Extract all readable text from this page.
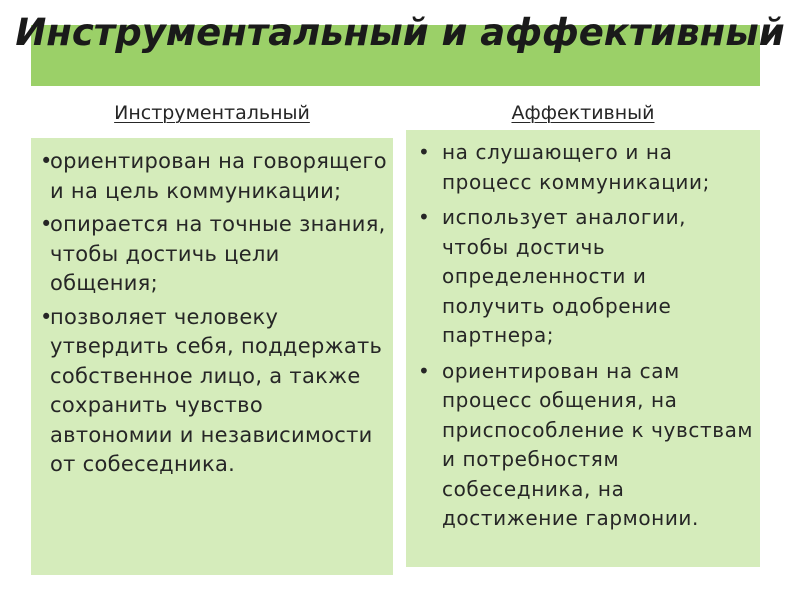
Инструментальный и аффективный
Инструментальный	Аффективный
•
ориентирован на говорящего и на цель коммуникации;
•
опирается на точные знания, чтобы достичь цели общения;
•
позволяет человеку утвердить себя, поддержать собственное лицо, а также сохранить чувство автономии и независимости от собеседника.
• на слушающего и на процесс коммуникации;
• использует аналогии, чтобы достичь определенности и получить одобрение партнера;
• ориентирован на сам процесс общения, на приспособление к чувствам и потребностям собеседника, на достижение гармонии.
